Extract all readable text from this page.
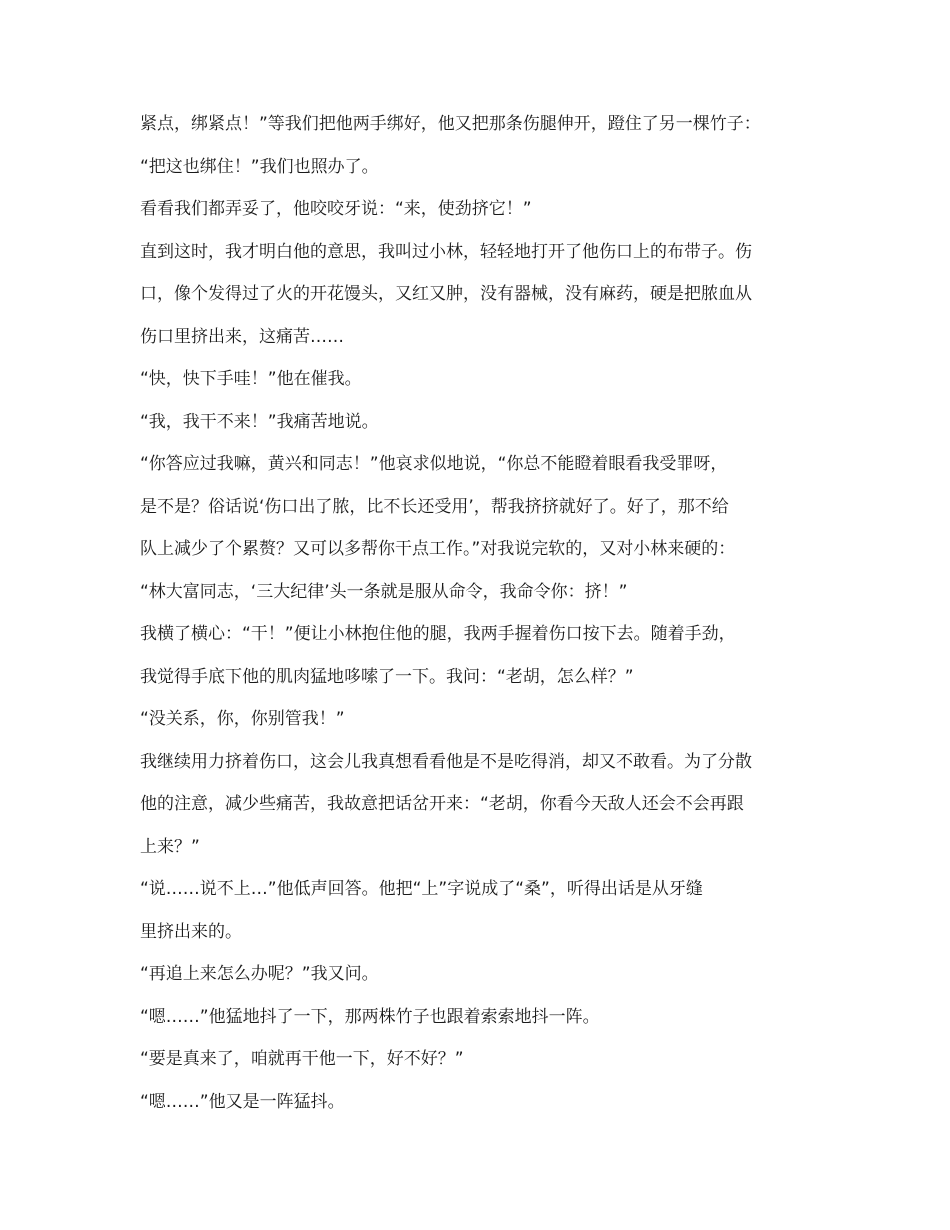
紧点，绑紧点！”等我们把他两手绑好，他又把那条伤腿伸开，蹬住了另一棵竹子：
“把这也绑住！”我们也照办了。
看看我们都弄妥了，他咬咬牙说：“来，使劲挤它！”
直到这时，我才明白他的意思，我叫过小林，轻轻地打开了他伤口上的布带子。伤
口，像个发得过了火的开花馒头，又红又肿，没有器械，没有麻药，硬是把脓血从
伤口里挤出来，这痛苦……
“快，快下手哇！”他在催我。
“我，我干不来！”我痛苦地说。
“你答应过我嘛，黄兴和同志！”他哀求似地说，“你总不能瞪着眼看我受罪呀，
是不是？俗话说‘伤口出了脓，比不长还受用’，帮我挤挤就好了。好了，那不给
队上减少了个累赘？又可以多帮你干点工作。”对我说完软的，又对小林来硬的：
“林大富同志，‘三大纪律’头一条就是服从命令，我命令你：挤！”
我横了横心：“干！”便让小林抱住他的腿，我两手握着伤口按下去。随着手劲，
我觉得手底下他的肌肉猛地哆嗦了一下。我问：“老胡，怎么样？”
“没关系，你，你别管我！”
我继续用力挤着伤口，这会儿我真想看看他是不是吃得消，却又不敢看。为了分散
他的注意，减少些痛苦，我故意把话岔开来：“老胡，你看今天敌人还会不会再跟
上来？”
“说……说不上…”他低声回答。他把“上”字说成了“桑”，听得出话是从牙缝
里挤出来的。
“再追上来怎么办呢？”我又问。
“嗯……”他猛地抖了一下，那两株竹子也跟着索索地抖一阵。
“要是真来了，咱就再干他一下，好不好？”
“嗯……”他又是一阵猛抖。
